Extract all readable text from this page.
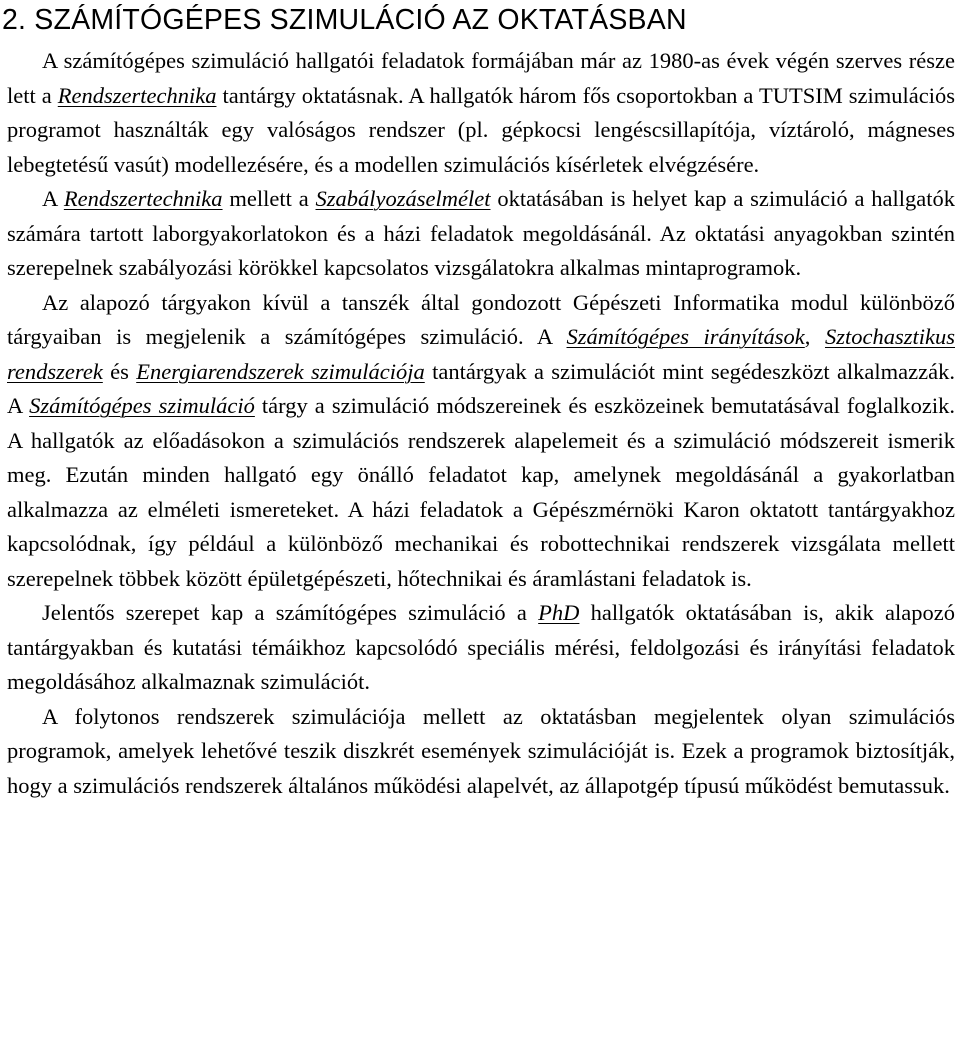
2. SZÁMÍTÓGÉPES SZIMULÁCIÓ AZ OKTATÁSBAN

A számítógépes szimuláció hallgatói feladatok formájában már az 1980-as évek végén szerves része lett a Rendszertechnika tantárgy oktatásnak. A hallgatók három fős csoportokban a TUTSIM szimulációs programot használták egy valóságos rendszer (pl. gépkocsi lengéscsillapítója, víztároló, mágneses lebegtetésű vasút) modellezésére, és a modellen szimulációs kísérletek elvégzésére.

A Rendszertechnika mellett a Szabályozáselmélet oktatásában is helyet kap a szimuláció a hallgatók számára tartott laborgyakorlatokon és a házi feladatok megoldásánál. Az oktatási anyagokban szintén szerepelnek szabályozási körökkel kapcsolatos vizsgálatokra alkalmas mintaprogramok.

Az alapozó tárgyakon kívül a tanszék által gondozott Gépészeti Informatika modul különböző tárgyaiban is megjelenik a számítógépes szimuláció. A Számítógépes irányítások, Sztochasztikus rendszerek és Energiarendszerek szimulációja tantárgyak a szimulációt mint segédeszközt alkalmazzák. A Számítógépes szimuláció tárgy a szimuláció módszereinek és eszközeinek bemutatásával foglalkozik. A hallgatók az előadásokon a szimulációs rendszerek alapelemeit és a szimuláció módszereit ismerik meg. Ezután minden hallgató egy önálló feladatot kap, amelynek megoldásánál a gyakorlatban alkalmazza az elméleti ismereteket. A házi feladatok a Gépészmérnöki Karon oktatott tantárgyakhoz kapcsolódnak, így például a különböző mechanikai és robottechnikai rendszerek vizsgálata mellett szerepelnek többek között épületgépészeti, hőtechnikai és áramlástani feladatok is.

Jelentős szerepet kap a számítógépes szimuláció a PhD hallgatók oktatásában is, akik alapozó tantárgyakban és kutatási témáikhoz kapcsolódó speciális mérési, feldolgozási és irányítási feladatok megoldásához alkalmaznak szimulációt.

A folytonos rendszerek szimulációja mellett az oktatásban megjelentek olyan szimulációs programok, amelyek lehetővé teszik diszkrét események szimulációját is. Ezek a programok biztosítják, hogy a szimulációs rendszerek általános működési alapelvét, az állapotgép típusú működést bemutassuk.
